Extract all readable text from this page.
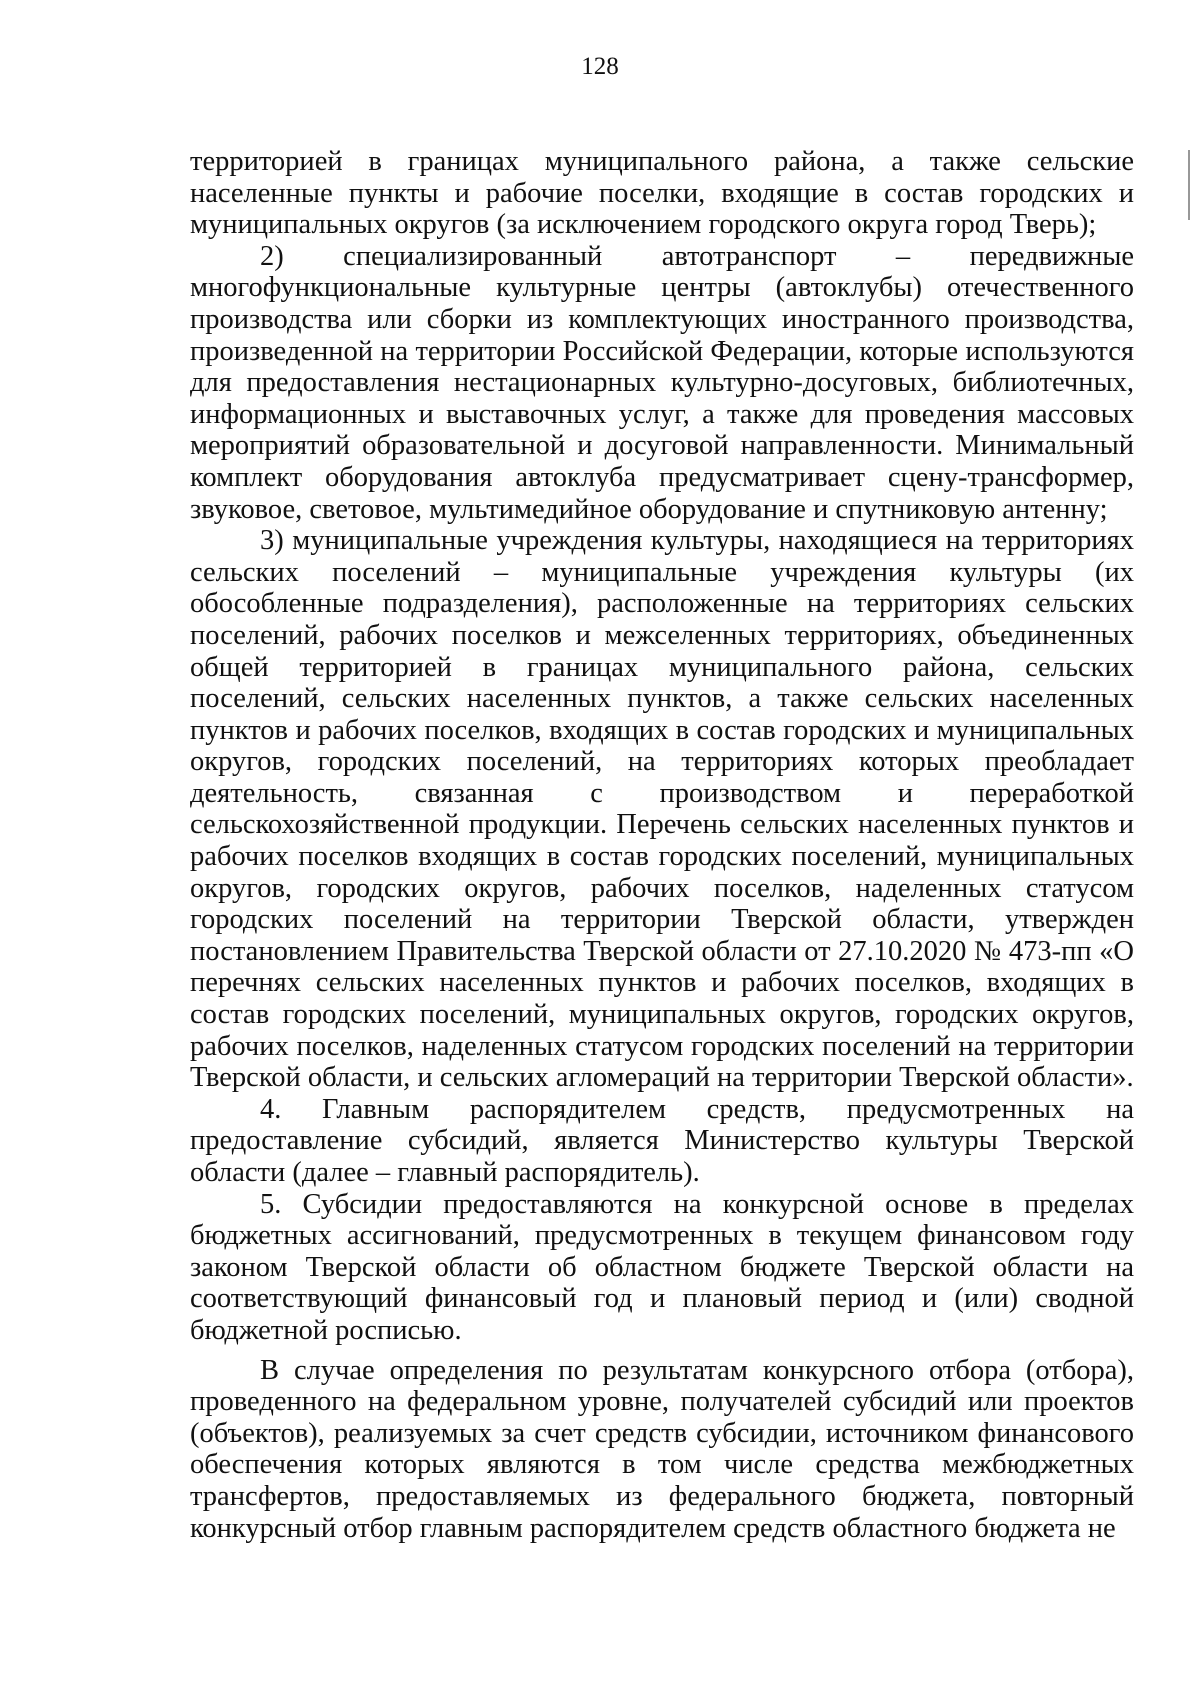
128

территорией в границах муниципального района, а также сельские населенные пункты и рабочие поселки, входящие в состав городских и муниципальных округов (за исключением городского округа город Тверь);

2) специализированный автотранспорт – передвижные многофункциональные культурные центры (автоклубы) отечественного производства или сборки из комплектующих иностранного производства, произведенной на территории Российской Федерации, которые используются для предоставления нестационарных культурно-досуговых, библиотечных, информационных и выставочных услуг, а также для проведения массовых мероприятий образовательной и досуговой направленности. Минимальный комплект оборудования автоклуба предусматривает сцену-трансформер, звуковое, световое, мультимедийное оборудование и спутниковую антенну;

3) муниципальные учреждения культуры, находящиеся на территориях сельских поселений – муниципальные учреждения культуры (их обособленные подразделения), расположенные на территориях сельских поселений, рабочих поселков и межселенных территориях, объединенных общей территорией в границах муниципального района, сельских поселений, сельских населенных пунктов, а также сельских населенных пунктов и рабочих поселков, входящих в состав городских и муниципальных округов, городских поселений, на территориях которых преобладает деятельность, связанная с производством и переработкой сельскохозяйственной продукции. Перечень сельских населенных пунктов и рабочих поселков входящих в состав городских поселений, муниципальных округов, городских округов, рабочих поселков, наделенных статусом городских поселений на территории Тверской области, утвержден постановлением Правительства Тверской области от 27.10.2020 № 473-пп «О перечнях сельских населенных пунктов и рабочих поселков, входящих в состав городских поселений, муниципальных округов, городских округов, рабочих поселков, наделенных статусом городских поселений на территории Тверской области, и сельских агломераций на территории Тверской области».

4. Главным распорядителем средств, предусмотренных на предоставление субсидий, является Министерство культуры Тверской области (далее – главный распорядитель).

5. Субсидии предоставляются на конкурсной основе в пределах бюджетных ассигнований, предусмотренных в текущем финансовом году законом Тверской области об областном бюджете Тверской области на соответствующий финансовый год и плановый период и (или) сводной бюджетной росписью.

В случае определения по результатам конкурсного отбора (отбора), проведенного на федеральном уровне, получателей субсидий или проектов (объектов), реализуемых за счет средств субсидии, источником финансового обеспечения которых являются в том числе средства межбюджетных трансфертов, предоставляемых из федерального бюджета, повторный конкурсный отбор главным распорядителем средств областного бюджета не
